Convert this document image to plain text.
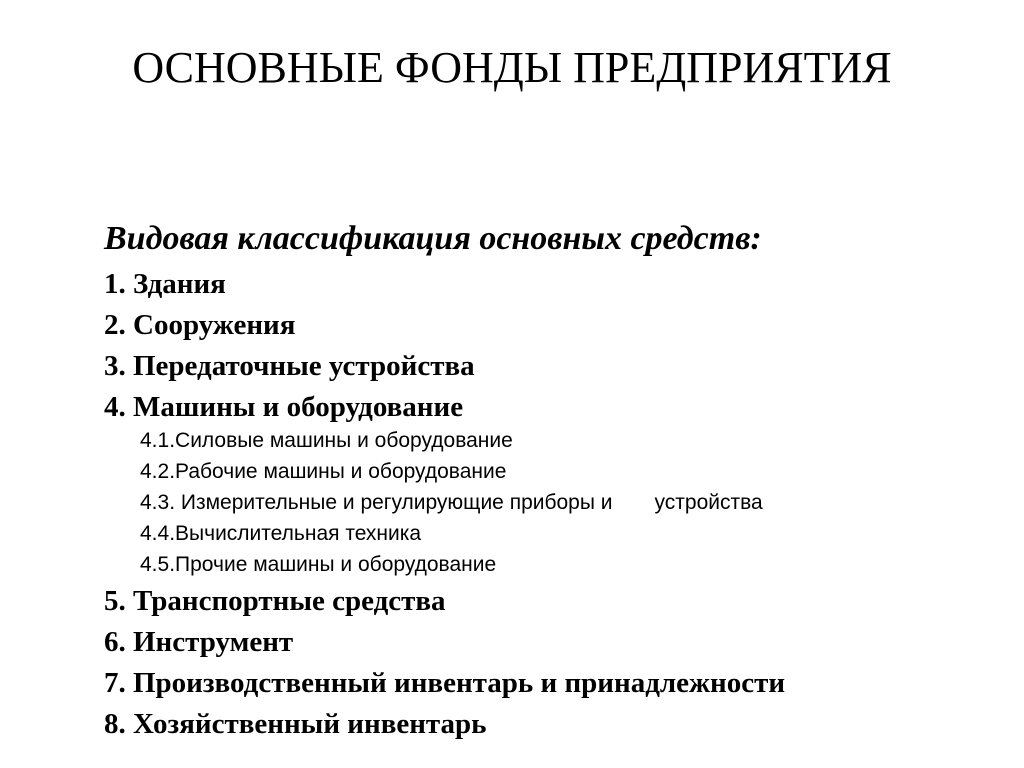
ОСНОВНЫЕ ФОНДЫ ПРЕДПРИЯТИЯ
Видовая классификация основных средств:
1. Здания
2. Сооружения
3. Передаточные устройства
4. Машины и оборудование
4.1.Силовые машины и оборудование
4.2.Рабочие машины и оборудование
4.3. Измерительные и регулирующие приборы и устройства
4.4.Вычислительная техника
4.5.Прочие машины и оборудование
5. Транспортные средства
6. Инструмент
7. Производственный инвентарь и принадлежности
8. Хозяйственный инвентарь
